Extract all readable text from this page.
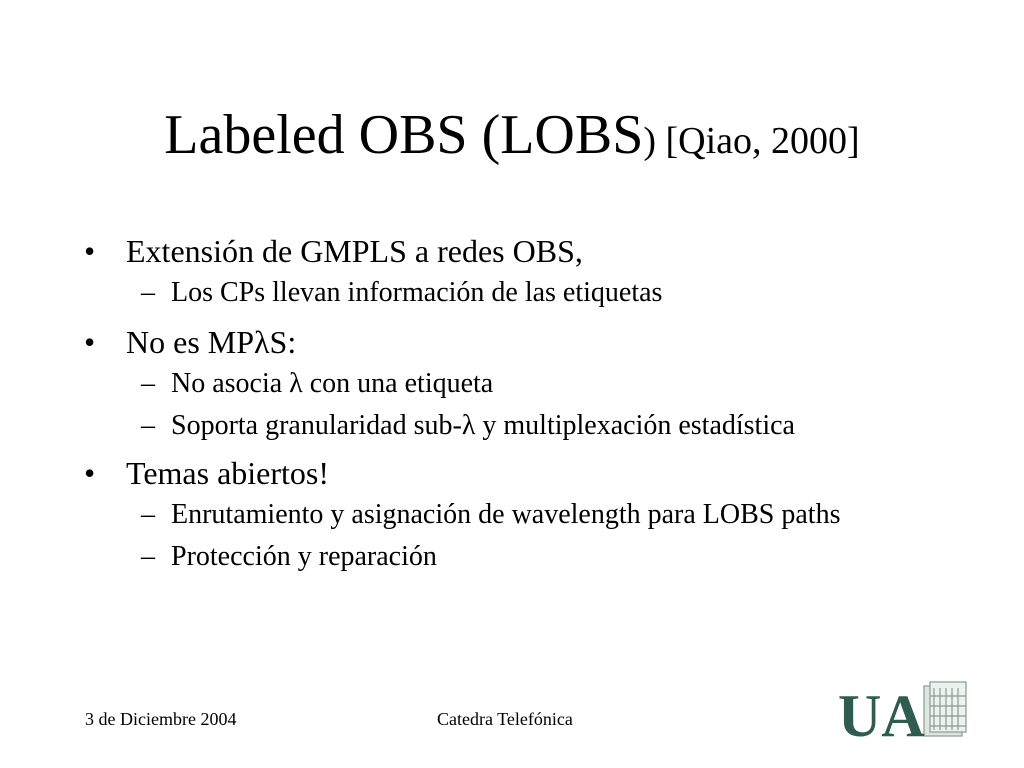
Labeled OBS (LOBS) [Qiao, 2000]
• Extensión de GMPLS a redes OBS,
– Los CPs llevan información de las etiquetas
• No es MPλS:
– No asocia λ con una etiqueta
– Soporta granularidad sub-λ y multiplexación estadística
• Temas abiertos!
– Enrutamiento y asignación de wavelength para LOBS paths
– Protección y reparación
3 de Diciembre 2004	Catedra Telefónica	UA
